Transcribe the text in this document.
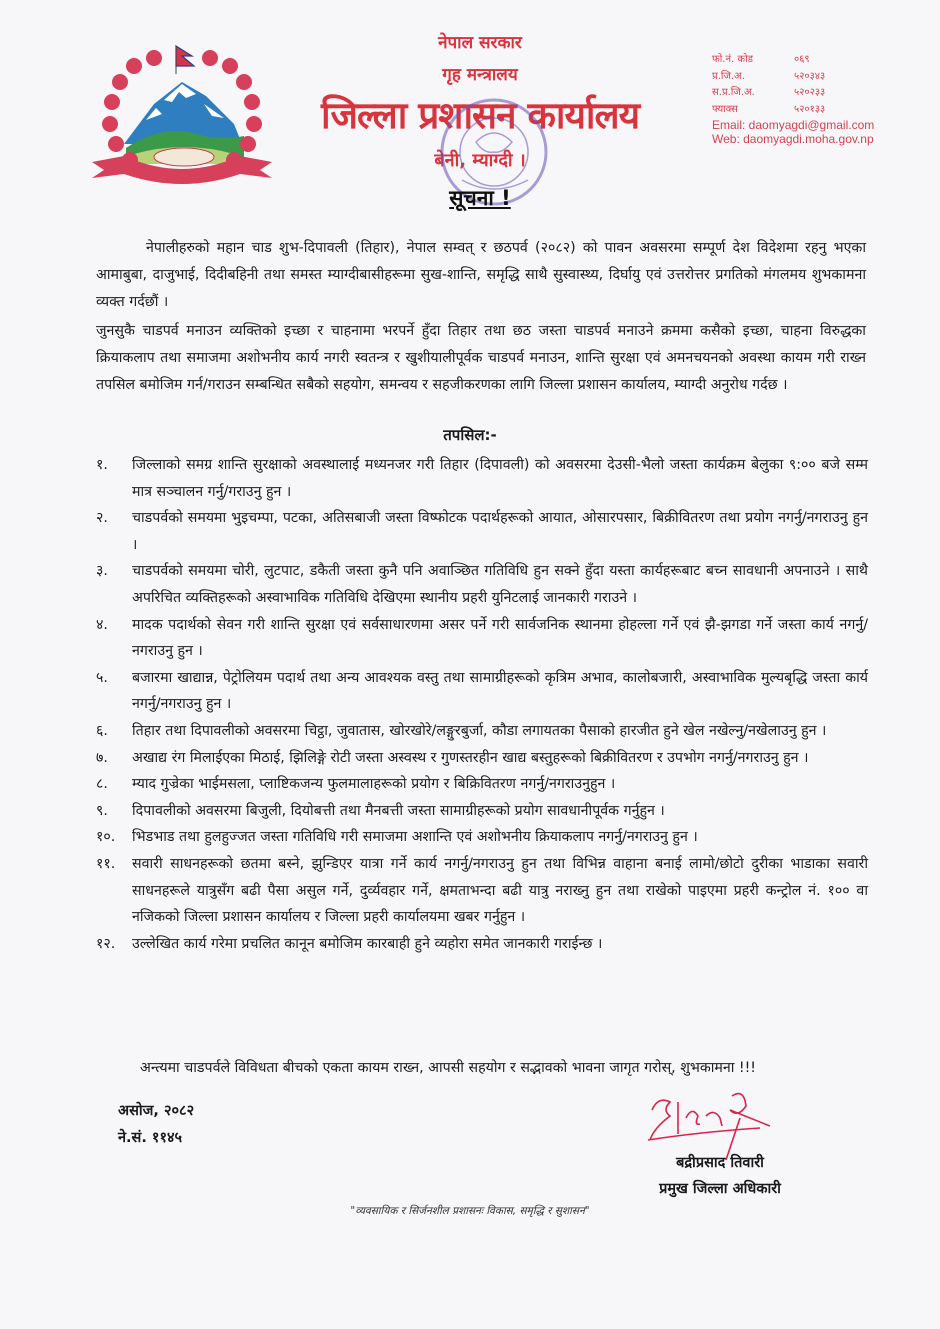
नेपाल सरकार
गृह मन्त्रालय
जिल्ला प्रशासन कार्यालय
बेनी, म्याग्दी ।
फो.नं. कोड	०६९
प्र.जि.अ.	५२०३४३
स.प्र.जि.अ.	५२०२३३
फ्याक्स	५२०१३३
Email: daomyagdi@gmail.com
Web: daomyagdi.moha.gov.np
सूचना !
नेपालीहरुको महान चाड शुभ-दिपावली (तिहार), नेपाल सम्वत् र छठपर्व (२०८२) को पावन अवसरमा सम्पूर्ण देश विदेशमा रहनु भएका आमाबुबा, दाजुभाई, दिदीबहिनी तथा समस्त म्याग्दीबासीहरूमा सुख-शान्ति, समृद्धि साथै सुस्वास्थ्य, दिर्घायु एवं उत्तरोत्तर प्रगतिको मंगलमय शुभकामना व्यक्त गर्दछौं ।
जुनसुकै चाडपर्व मनाउन व्यक्तिको इच्छा र चाहनामा भरपर्ने हुँदा तिहार तथा छठ जस्ता चाडपर्व मनाउने क्रममा कसैको इच्छा, चाहना विरुद्धका क्रियाकलाप तथा समाजमा अशोभनीय कार्य नगरी स्वतन्त्र र खुशीयालीपूर्वक चाडपर्व मनाउन, शान्ति सुरक्षा एवं अमनचयनको अवस्था कायम गरी राख्न तपसिल बमोजिम गर्न/गराउन सम्बन्धित सबैको सहयोग, समन्वय र सहजीकरणका लागि जिल्ला प्रशासन कार्यालय, म्याग्दी अनुरोध गर्दछ ।
तपसिल:-
१.	जिल्लाको समग्र शान्ति सुरक्षाको अवस्थालाई मध्यनजर गरी तिहार (दिपावली) को अवसरमा देउसी-भैलो जस्ता कार्यक्रम बेलुका ९:०० बजे सम्म मात्र सञ्चालन गर्नु/गराउनु हुन ।
२.	चाडपर्वको समयमा भुइचम्पा, पटका, अतिसबाजी जस्ता विष्फोटक पदार्थहरूको आयात, ओसारपसार, बिक्रीवितरण तथा प्रयोग नगर्नु/नगराउनु हुन ।
३.	चाडपर्वको समयमा चोरी, लुटपाट, डकैती जस्ता कुनै पनि अवाञ्छित गतिविधि हुन सक्ने हुँदा यस्ता कार्यहरूबाट बच्न सावधानी अपनाउने । साथै अपरिचित व्यक्तिहरूको अस्वाभाविक गतिविधि देखिएमा स्थानीय प्रहरी युनिटलाई जानकारी गराउने ।
४.	मादक पदार्थको सेवन गरी शान्ति सुरक्षा एवं सर्वसाधारणमा असर पर्ने गरी सार्वजनिक स्थानमा होहल्ला गर्ने एवं झै-झगडा गर्ने जस्ता कार्य नगर्नु/नगराउनु हुन ।
५.	बजारमा खाद्यान्न, पेट्रोलियम पदार्थ तथा अन्य आवश्यक वस्तु तथा सामाग्रीहरूको कृत्रिम अभाव, कालोबजारी, अस्वाभाविक मुल्यबृद्धि जस्ता कार्य नगर्नु/नगराउनु हुन ।
६.	तिहार तथा दिपावलीको अवसरमा चिट्ठा, जुवातास, खोरखोरे/लङ्गुरबुर्जा, कौडा लगायतका पैसाको हारजीत हुने खेल नखेल्नु/नखेलाउनु हुन ।
७.	अखाद्य रंग मिलाईएका मिठाई, झिलिङ्गे रोटी जस्ता अस्वस्थ र गुणस्तरहीन खाद्य बस्तुहरूको बिक्रीवितरण र उपभोग नगर्नु/नगराउनु हुन ।
८.	म्याद गुज्रेका भाईमसला, प्लाष्टिकजन्य फुलमालाहरूको प्रयोग र बिक्रिवितरण नगर्नु/नगराउनुहुन ।
९.	दिपावलीको अवसरमा बिजुली, दियोबत्ती तथा मैनबत्ती जस्ता सामाग्रीहरूको प्रयोग सावधानीपूर्वक गर्नुहुन ।
१०.	भिडभाड तथा हुलहुज्जत जस्ता गतिविधि गरी समाजमा अशान्ति एवं अशोभनीय क्रियाकलाप नगर्नु/नगराउनु हुन ।
११.	सवारी साधनहरूको छतमा बस्ने, झुन्डिएर यात्रा गर्ने कार्य नगर्नु/नगराउनु हुन तथा विभिन्न वाहाना बनाई लामो/छोटो दुरीका भाडाका सवारी साधनहरूले यात्रुसँग बढी पैसा असुल गर्ने, दुर्व्यवहार गर्ने, क्षमताभन्दा बढी यात्रु नराख्नु हुन तथा राखेको पाइएमा प्रहरी कन्ट्रोल नं. १०० वा नजिकको जिल्ला प्रशासन कार्यालय र जिल्ला प्रहरी कार्यालयमा खबर गर्नुहुन ।
१२.	उल्लेखित कार्य गरेमा प्रचलित कानून बमोजिम कारबाही हुने व्यहोरा समेत जानकारी गराईन्छ ।
अन्त्यमा चाडपर्वले विविधता बीचको एकता कायम राख्न, आपसी सहयोग र सद्भावको भावना जागृत गरोस्, शुभकामना !!!
असोज, २०८२
ने.सं. ११४५
बद्रीप्रसाद तिवारी
प्रमुख जिल्ला अधिकारी
"व्यवसायिक र सिर्जनशील प्रशासनः विकास, समृद्धि र सुशासन"
